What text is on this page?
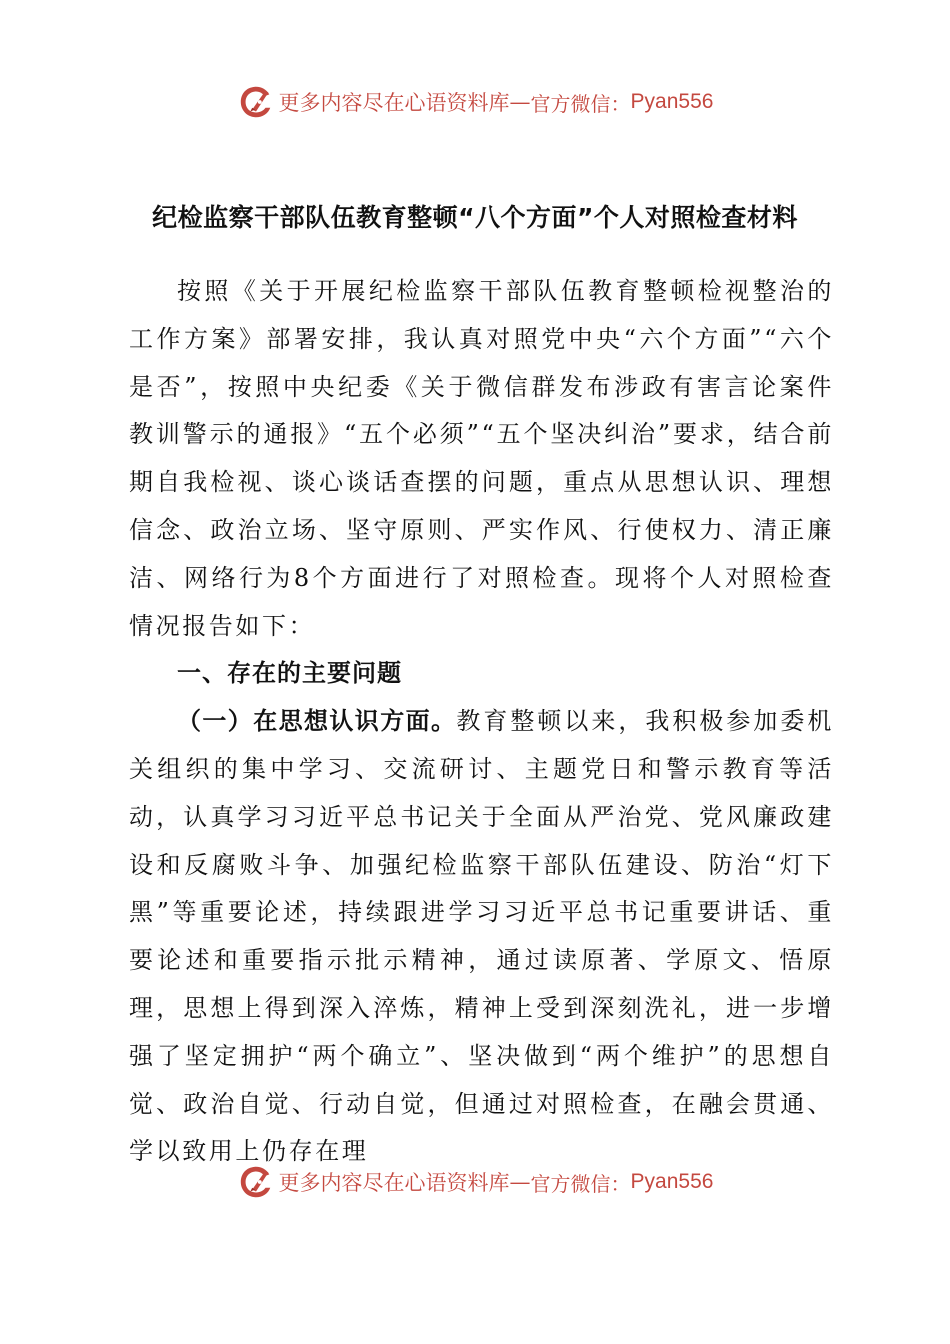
更多内容尽在心语资料库 — 官方微信： Pyan556
纪检监察干部队伍教育整顿“八个方面”个人对照检查材料

按照《关于开展纪检监察干部队伍教育整顿检视整治的工作方案》部署安排，我认真对照党中央“六个方面”“六个是否”，按照中央纪委《关于微信群发布涉政有害言论案件教训警示的通报》“五个必须”“五个坚决纠治”要求，结合前期自我检视、谈心谈话查摆的问题，重点从思想认识、理想信念、政治立场、坚守原则、严实作风、行使权力、清正廉洁、网络行为8个方面进行了对照检查。现将个人对照检查情况报告如下：

一、存在的主要问题

（一）在思想认识方面。教育整顿以来，我积极参加委机关组织的集中学习、交流研讨、主题党日和警示教育等活动，认真学习习近平总书记关于全面从严治党、党风廉政建设和反腐败斗争、加强纪检监察干部队伍建设、防治“灯下黑”等重要论述，持续跟进学习习近平总书记重要讲话、重要论述和重要指示批示精神，通过读原著、学原文、悟原理，思想上得到深入淬炼，精神上受到深刻洗礼，进一步增强了坚定拥护“两个确立”、坚决做到“两个维护”的思想自觉、政治自觉、行动自觉，但通过对照检查，在融会贯通、学以致用上仍存在理

更多内容尽在心语资料库 — 官方微信： Pyan556
